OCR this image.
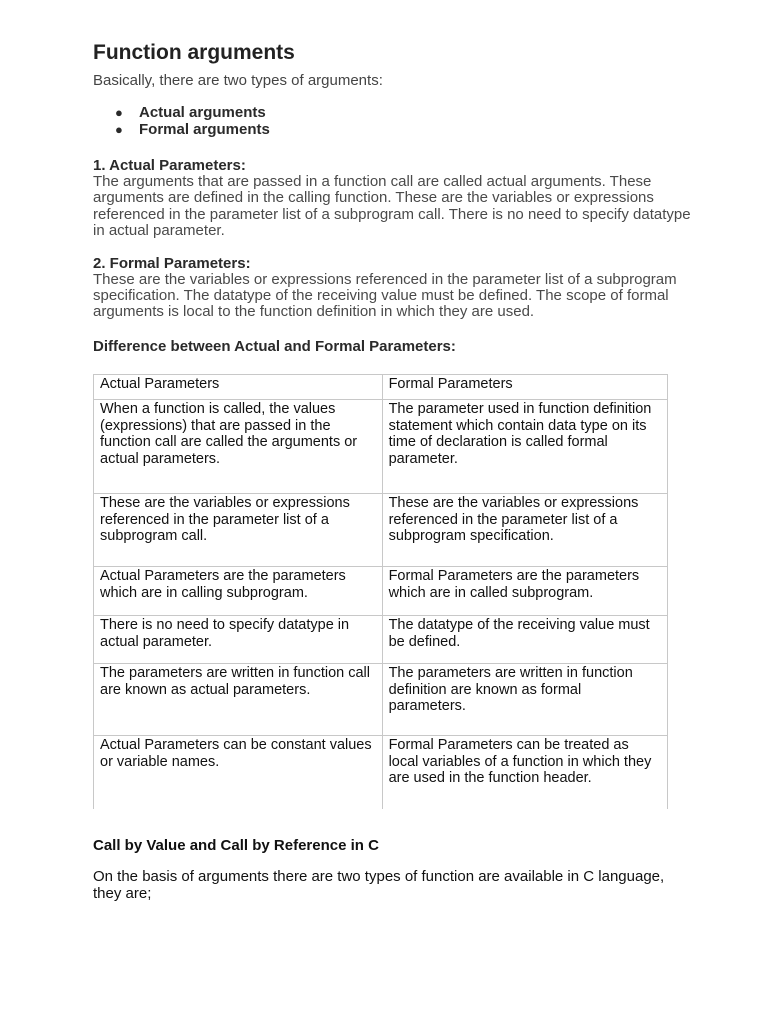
Function arguments
Basically, there are two types of arguments:
● Actual arguments
● Formal arguments
1. Actual Parameters:
The arguments that are passed in a function call are called actual arguments. These arguments are defined in the calling function. These are the variables or expressions referenced in the parameter list of a subprogram call. There is no need to specify datatype in actual parameter.
2. Formal Parameters:
These are the variables or expressions referenced in the parameter list of a subprogram specification. The datatype of the receiving value must be defined. The scope of formal arguments is local to the function definition in which they are used.
Difference between Actual and Formal Parameters:
Actual Parameters	Formal Parameters
When a function is called, the values (expressions) that are passed in the function call are called the arguments or actual parameters.	The parameter used in function definition statement which contain data type on its time of declaration is called formal parameter.
These are the variables or expressions referenced in the parameter list of a subprogram call.	These are the variables or expressions referenced in the parameter list of a subprogram specification.
Actual Parameters are the parameters which are in calling subprogram.	Formal Parameters are the parameters which are in called subprogram.
There is no need to specify datatype in actual parameter.	The datatype of the receiving value must be defined.
The parameters are written in function call are known as actual parameters.	The parameters are written in function definition are known as formal parameters.
Actual Parameters can be constant values or variable names.	Formal Parameters can be treated as local variables of a function in which they are used in the function header.
Call by Value and Call by Reference in C
On the basis of arguments there are two types of function are available in C language, they are;
